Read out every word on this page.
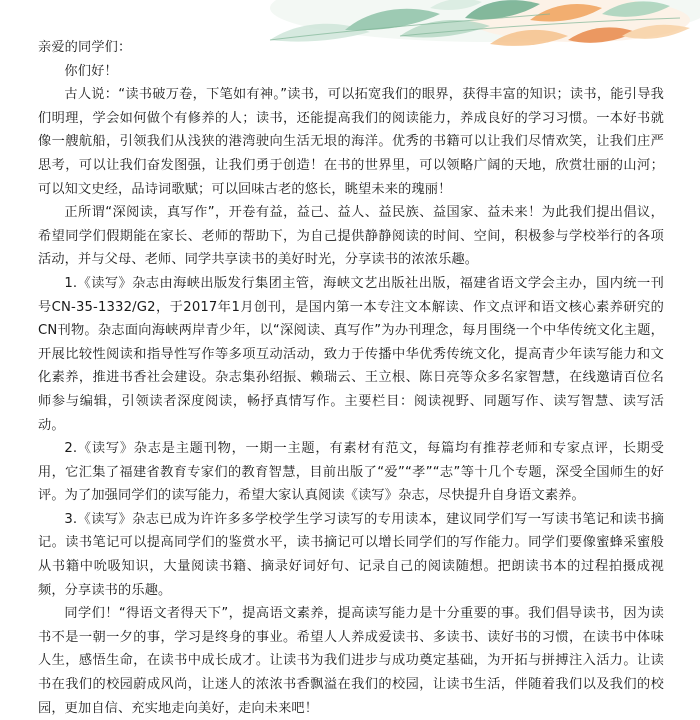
亲爱的同学们：

你们好！

古人说：“读书破万卷，下笔如有神。”读书，可以拓宽我们的眼界，获得丰富的知识；读书，能引导我们明理，学会如何做个有修养的人；读书，还能提高我们的阅读能力，养成良好的学习习惯。一本好书就像一艘航船，引领我们从浅狭的港湾驶向生活无垠的海洋。优秀的书籍可以让我们尽情欢笑，让我们庄严思考，可以让我们奋发图强，让我们勇于创造！在书的世界里，可以领略广阔的天地，欣赏壮丽的山河；可以知文史经，品诗词歌赋；可以回味古老的悠长，眺望未来的瑰丽！

正所谓“深阅读，真写作”，开卷有益，益己、益人、益民族、益国家、益未来！为此我们提出倡议，希望同学们假期能在家长、老师的帮助下，为自己提供静静阅读的时间、空间，积极参与学校举行的各项活动，并与父母、老师、同学共享读书的美好时光，分享读书的浓浓乐趣。

1.《读写》杂志由海峡出版发行集团主管，海峡文艺出版社出版，福建省语文学会主办，国内统一刊号CN-35-1332/G2，于2017年1月创刊，是国内第一本专注文本解读、作文点评和语文核心素养研究的CN刊物。杂志面向海峡两岸青少年，以“深阅读、真写作”为办刊理念，每月围绕一个中华传统文化主题，开展比较性阅读和指导性写作等多项互动活动，致力于传播中华优秀传统文化，提高青少年读写能力和文化素养，推进书香社会建设。杂志集孙绍振、赖瑞云、王立根、陈日亮等众多名家智慧，在线邀请百位名师参与编辑，引领读者深度阅读，畅抒真情写作。主要栏目：阅读视野、同题写作、读写智慧、读写活动。

2.《读写》杂志是主题刊物，一期一主题，有素材有范文，每篇均有推荐老师和专家点评，长期受用，它汇集了福建省教育专家们的教育智慧，目前出版了“爱”“孝”“志”等十几个专题，深受全国师生的好评。为了加强同学们的读写能力，希望大家认真阅读《读写》杂志，尽快提升自身语文素养。

3.《读写》杂志已成为许许多多学校学生学习读写的专用读本，建议同学们写一写读书笔记和读书摘记。读书笔记可以提高同学们的鉴赏水平，读书摘记可以增长同学们的写作能力。同学们要像蜜蜂采蜜般从书籍中吮吸知识，大量阅读书籍、摘录好词好句、记录自己的阅读随想。把朗读书本的过程拍摄成视频，分享读书的乐趣。

同学们！“得语文者得天下”，提高语文素养，提高读写能力是十分重要的事。我们倡导读书，因为读书不是一朝一夕的事，学习是终身的事业。希望人人养成爱读书、多读书、读好书的习惯，在读书中体味人生，感悟生命，在读书中成长成才。让读书为我们进步与成功奠定基础，为开拓与拼搏注入活力。让读书在我们的校园蔚成风尚，让迷人的浓浓书香飘溢在我们的校园，让读书生活，伴随着我们以及我们的校园，更加自信、充实地走向美好，走向未来吧！
